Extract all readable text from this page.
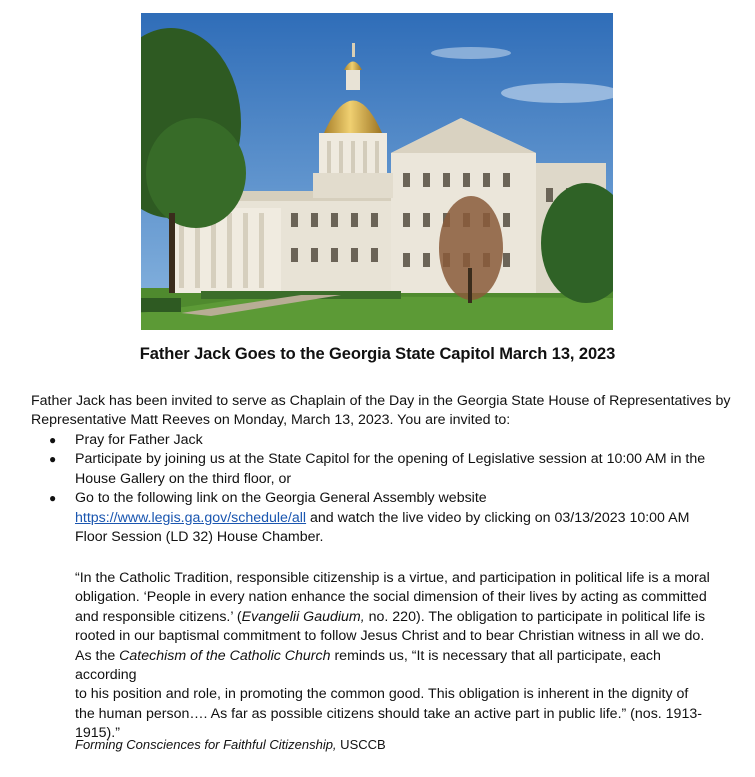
Father Jack Goes to the Georgia State Capitol March 13, 2023
Father Jack has been invited to serve as Chaplain of the Day in the Georgia State House of Representatives by
Representative Matt Reeves on Monday, March 13, 2023. You are invited to:
● Pray for Father Jack
● Participate by joining us at the State Capitol for the opening of Legislative session at 10:00 AM in the
House Gallery on the third floor, or
● Go to the following link on the Georgia General Assembly website
https://www.legis.ga.gov/schedule/all and watch the live video by clicking on 03/13/2023 10:00 AM
Floor Session (LD 32) House Chamber.
“In the Catholic Tradition, responsible citizenship is a virtue, and participation in political life is a moral
obligation. ‘People in every nation enhance the social dimension of their lives by acting as committed
and responsible citizens.’ (Evangelii Gaudium, no. 220). The obligation to participate in political life is
rooted in our baptismal commitment to follow Jesus Christ and to bear Christian witness in all we do.
As the Catechism of the Catholic Church reminds us, “It is necessary that all participate, each according
to his position and role, in promoting the common good. This obligation is inherent in the dignity of
the human person…. As far as possible citizens should take an active part in public life.” (nos. 1913-
1915).”
Forming Consciences for Faithful Citizenship, USCCB
